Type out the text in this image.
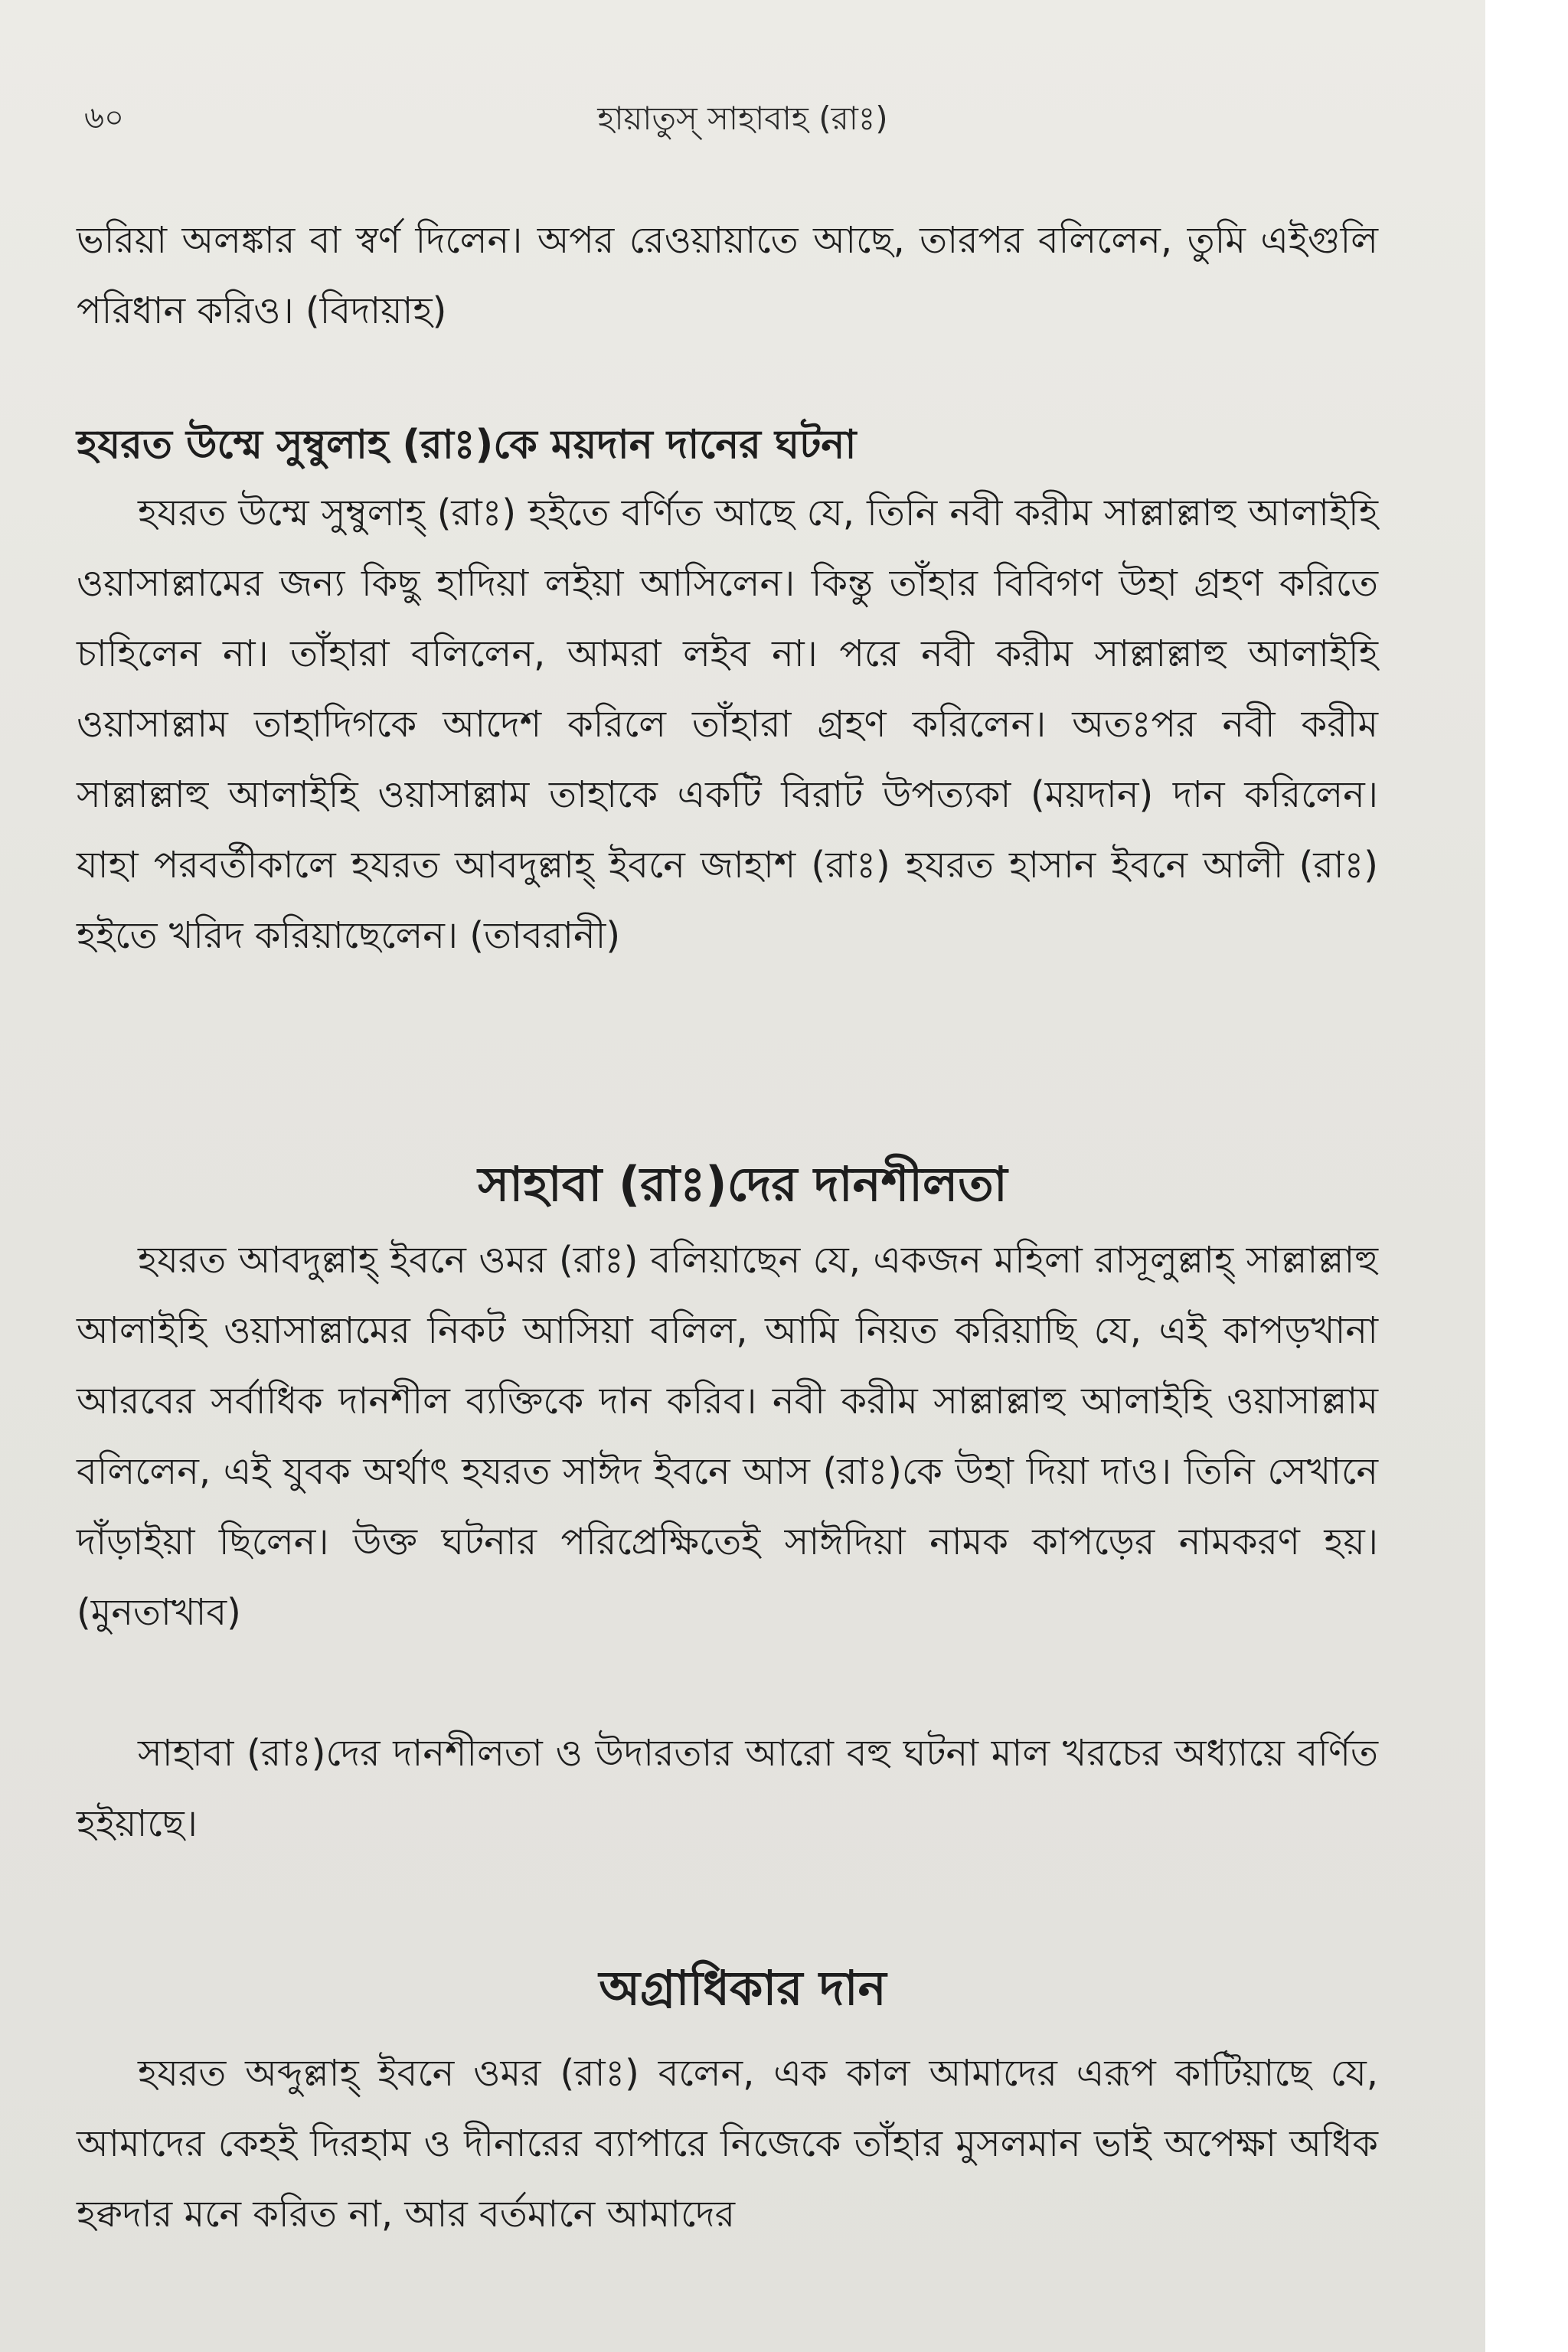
৬০	হায়াতুস্ সাহাবাহ (রাঃ)

ভরিয়া অলঙ্কার বা স্বর্ণ দিলেন। অপর রেওয়ায়াতে আছে, তারপর বলিলেন, তুমি এইগুলি পরিধান করিও। (বিদায়াহ)

হযরত উম্মে সুম্বুলাহ (রাঃ)কে ময়দান দানের ঘটনা

হযরত উম্মে সুম্বুলাহ্ (রাঃ) হইতে বর্ণিত আছে যে, তিনি নবী করীম সাল্লাল্লাহু আলাইহি ওয়াসাল্লামের জন্য কিছু হাদিয়া লইয়া আসিলেন। কিন্তু তাঁহার বিবিগণ উহা গ্রহণ করিতে চাহিলেন না। তাঁহারা বলিলেন, আমরা লইব না। পরে নবী করীম সাল্লাল্লাহু আলাইহি ওয়াসাল্লাম তাহাদিগকে আদেশ করিলে তাঁহারা গ্রহণ করিলেন। অতঃপর নবী করীম সাল্লাল্লাহু আলাইহি ওয়াসাল্লাম তাহাকে একটি বিরাট উপত্যকা (ময়দান) দান করিলেন। যাহা পরবর্তীকালে হযরত আবদুল্লাহ্ ইবনে জাহাশ (রাঃ) হযরত হাসান ইবনে আলী (রাঃ) হইতে খরিদ করিয়াছেলেন। (তাবরানী)

সাহাবা (রাঃ)দের দানশীলতা

হযরত আবদুল্লাহ্ ইবনে ওমর (রাঃ) বলিয়াছেন যে, একজন মহিলা রাসূলুল্লাহ্ সাল্লাল্লাহু আলাইহি ওয়াসাল্লামের নিকট আসিয়া বলিল, আমি নিয়ত করিয়াছি যে, এই কাপড়খানা আরবের সর্বাধিক দানশীল ব্যক্তিকে দান করিব। নবী করীম সাল্লাল্লাহু আলাইহি ওয়াসাল্লাম বলিলেন, এই যুবক অর্থাৎ হযরত সাঈদ ইবনে আস (রাঃ)কে উহা দিয়া দাও। তিনি সেখানে দাঁড়াইয়া ছিলেন। উক্ত ঘটনার পরিপ্রেক্ষিতেই সাঈদিয়া নামক কাপড়ের নামকরণ হয়। (মুনতাখাব)

সাহাবা (রাঃ)দের দানশীলতা ও উদারতার আরো বহু ঘটনা মাল খরচের অধ্যায়ে বর্ণিত হইয়াছে।

অগ্রাধিকার দান

হযরত অব্দুল্লাহ্ ইবনে ওমর (রাঃ) বলেন, এক কাল আমাদের এরূপ কাটিয়াছে যে, আমাদের কেহই দিরহাম ও দীনারের ব্যাপারে নিজেকে তাঁহার মুসলমান ভাই অপেক্ষা অধিক হক্বদার মনে করিত না, আর বর্তমানে আমাদের
